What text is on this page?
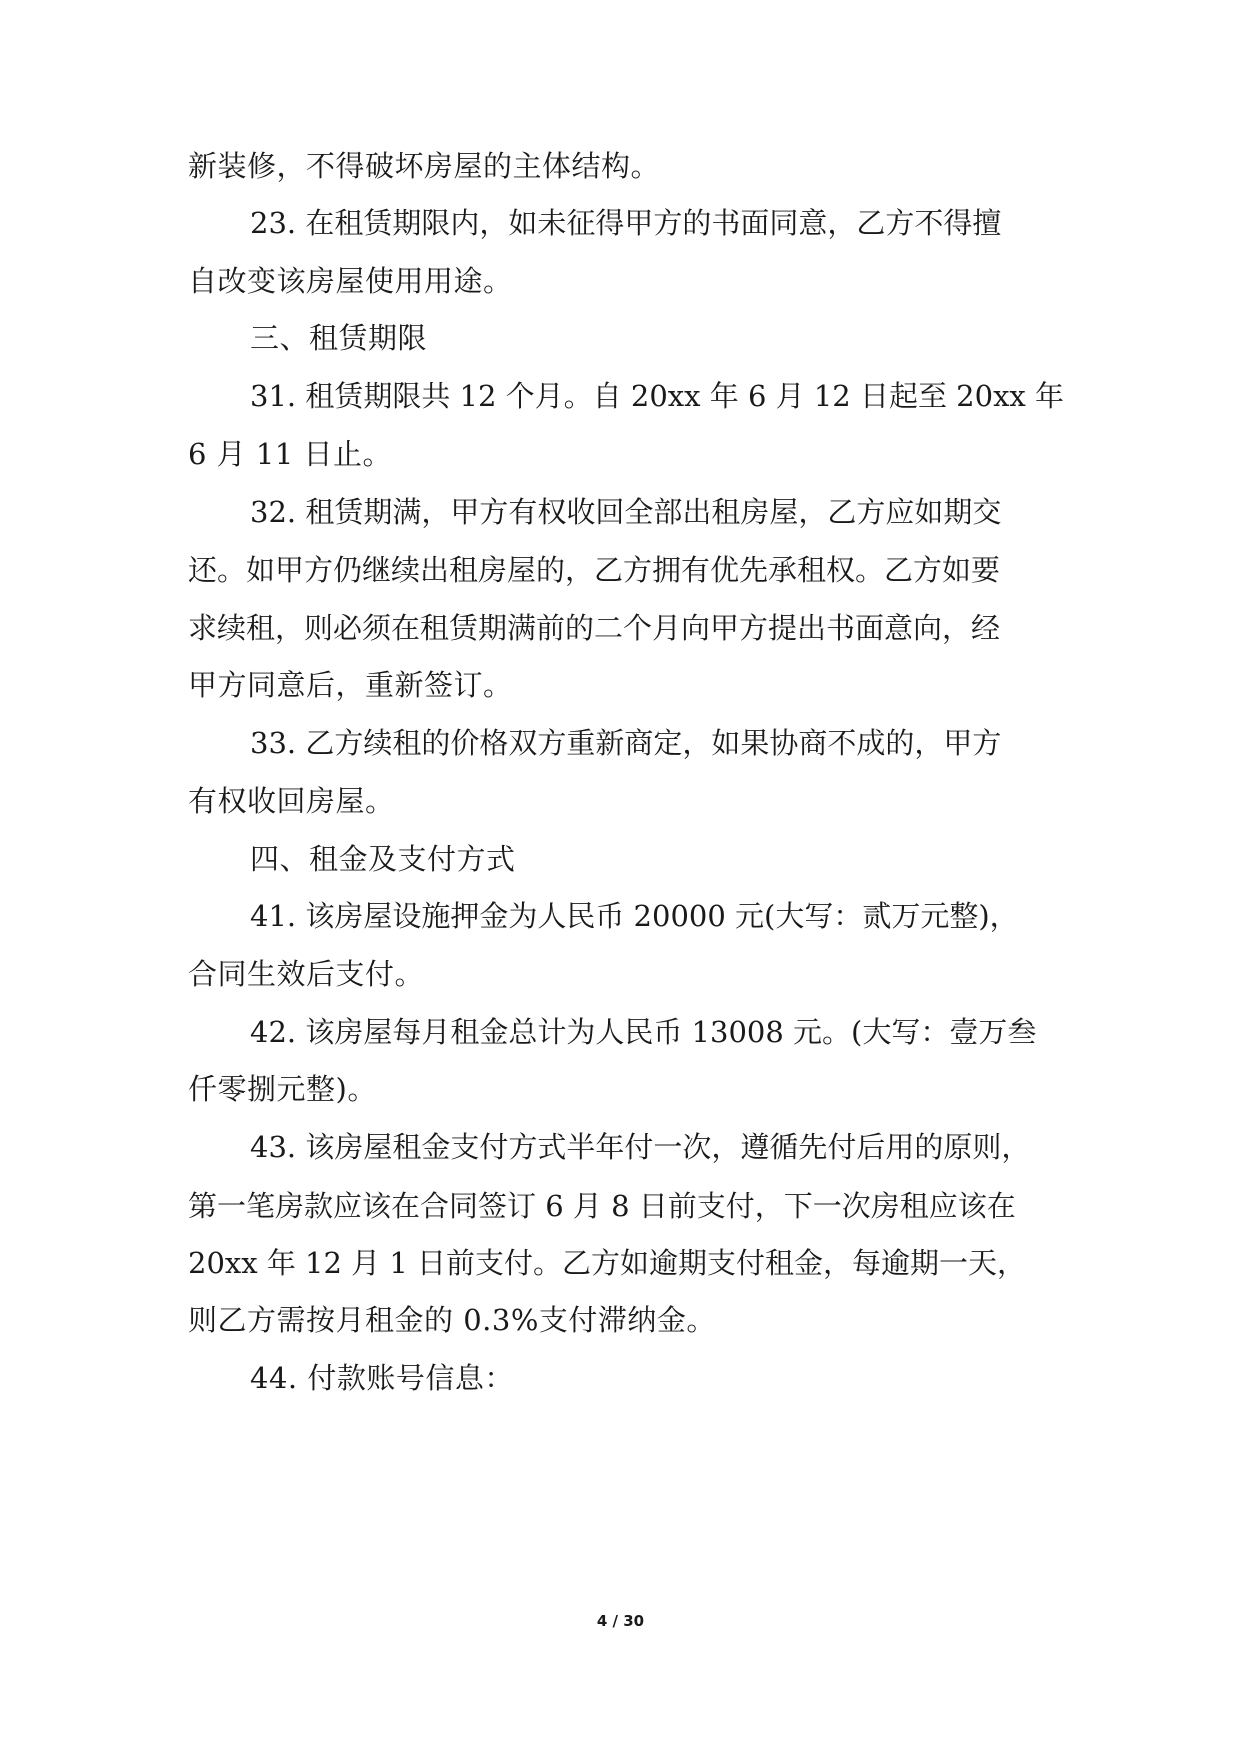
新装修，不得破坏房屋的主体结构。
23. 在租赁期限内，如未征得甲方的书面同意，乙方不得擅
自改变该房屋使用用途。
三、租赁期限
31. 租赁期限共 12 个月。自 20xx 年 6 月 12 日起至 20xx 年
6 月 11 日止。
32. 租赁期满，甲方有权收回全部出租房屋，乙方应如期交
还。如甲方仍继续出租房屋的，乙方拥有优先承租权。乙方如要
求续租，则必须在租赁期满前的二个月向甲方提出书面意向，经
甲方同意后，重新签订。
33. 乙方续租的价格双方重新商定，如果协商不成的，甲方
有权收回房屋。
四、租金及支付方式
41. 该房屋设施押金为人民币 20000 元(大写：贰万元整)，
合同生效后支付。
42. 该房屋每月租金总计为人民币 13008 元。(大写：壹万叁
仟零捌元整)。
43. 该房屋租金支付方式半年付一次，遵循先付后用的原则，
第一笔房款应该在合同签订 6 月 8 日前支付，下一次房租应该在
20xx 年 12 月 1 日前支付。乙方如逾期支付租金，每逾期一天，
则乙方需按月租金的 0.3%支付滞纳金。
44. 付款账号信息：
4 / 30
